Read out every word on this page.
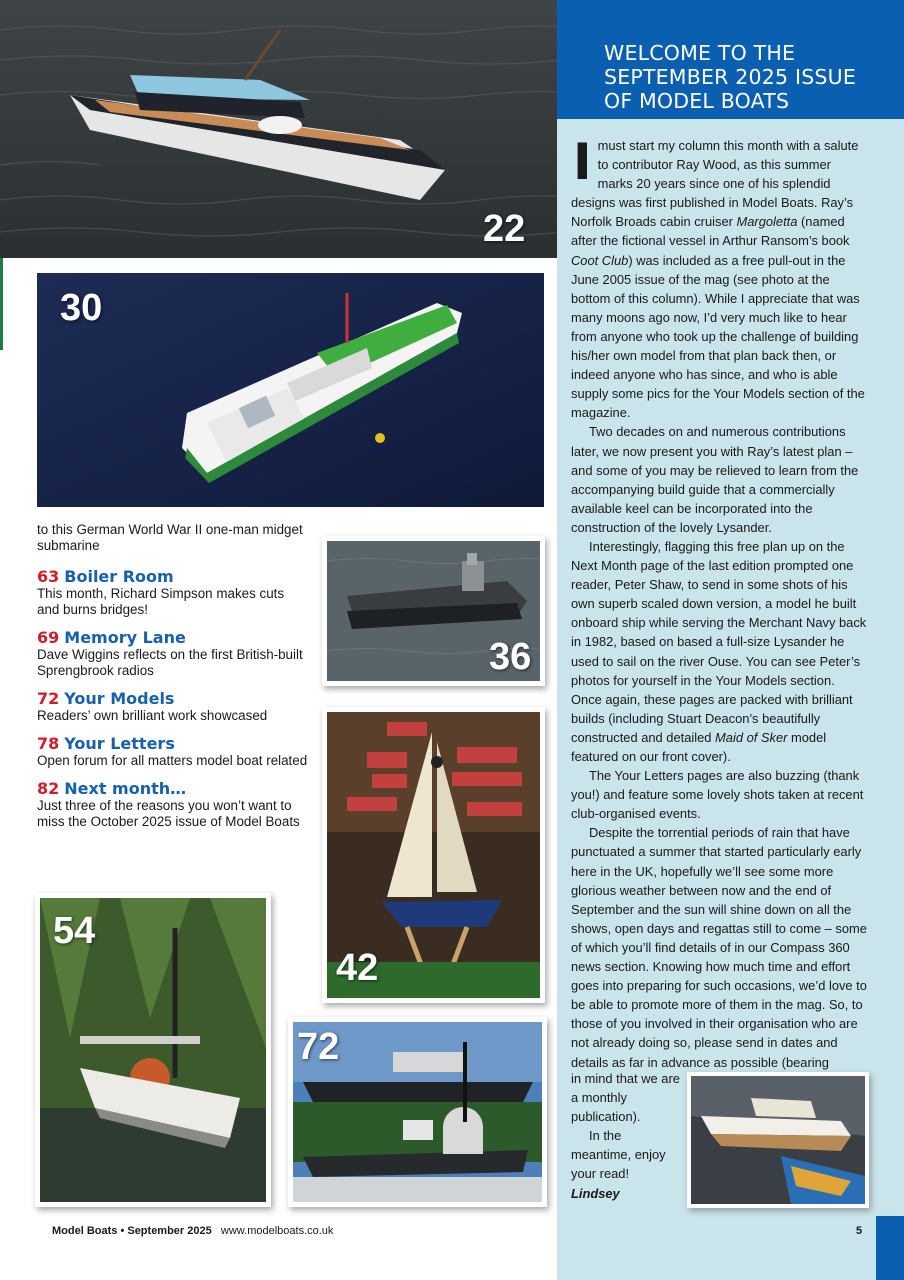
WELCOME TO THE SEPTEMBER 2025 ISSUE OF MODEL BOATS
22
30
to this German World War II one-man midget submarine
63 Boiler Room
This month, Richard Simpson makes cuts and burns bridges!
69 Memory Lane
Dave Wiggins reflects on the first British-built Sprengbrook radios
72 Your Models
Readers’ own brilliant work showcased
78 Your Letters
Open forum for all matters model boat related
82 Next month…
Just three of the reasons you won’t want to miss the October 2025 issue of Model Boats
36
42
54
72

Imust start my column this month with a salute to contributor Ray Wood, as this summer marks 20 years since one of his splendid designs was first published in Model Boats. Ray’s Norfolk Broads cabin cruiser Margoletta (named after the fictional vessel in Arthur Ransom’s book Coot Club) was included as a free pull-out in the June 2005 issue of the mag (see photo at the bottom of this column). While I appreciate that was many moons ago now, I’d very much like to hear from anyone who took up the challenge of building his/her own model from that plan back then, or indeed anyone who has since, and who is able supply some pics for the Your Models section of the magazine.

Two decades on and numerous contributions later, we now present you with Ray’s latest plan – and some of you may be relieved to learn from the accompanying build guide that a commercially available keel can be incorporated into the construction of the lovely Lysander.

Interestingly, flagging this free plan up on the Next Month page of the last edition prompted one reader, Peter Shaw, to send in some shots of his own superb scaled down version, a model he built onboard ship while serving the Merchant Navy back in 1982, based on based a full-size Lysander he used to sail on the river Ouse. You can see Peter’s photos for yourself in the Your Models section. Once again, these pages are packed with brilliant builds (including Stuart Deacon’s beautifully constructed and detailed Maid of Sker model featured on our front cover).

The Your Letters pages are also buzzing (thank you!) and feature some lovely shots taken at recent club-organised events.

Despite the torrential periods of rain that have punctuated a summer that started particularly early here in the UK, hopefully we’ll see some more glorious weather between now and the end of September and the sun will shine down on all the shows, open days and regattas still to come – some of which you’ll find details of in our Compass 360 news section. Knowing how much time and effort goes into preparing for such occasions, we’d love to be able to promote more of them in the mag. So, to those of you involved in their organisation who are not already doing so, please send in dates and details as far in advance as possible (bearing

in mind that we are a monthly publication).

In the meantime, enjoy your read!

Lindsey

Model Boats • September 2025 www.modelboats.co.uk	5
